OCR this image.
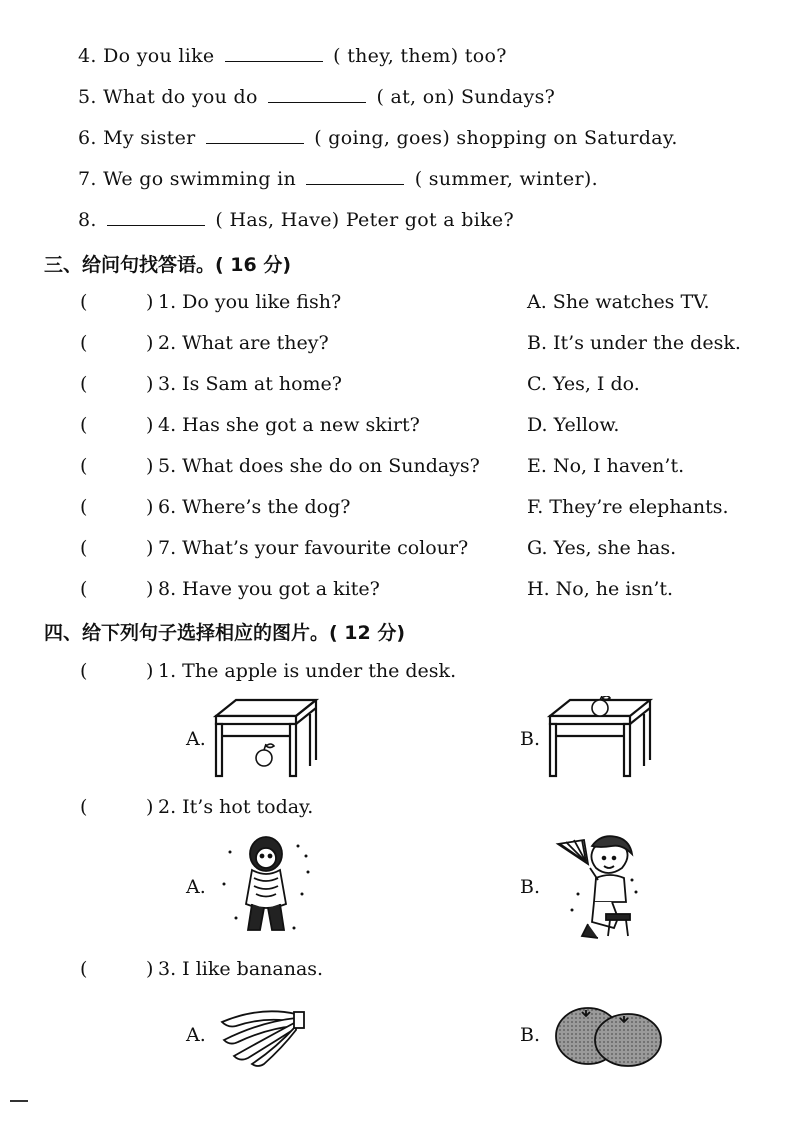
4. Do you like	( they, them) too?
5. What do you do	( at, on) Sundays?
6. My sister	( going, goes) shopping on Saturday.
7. We go swimming in	( summer, winter).
8.	( Has, Have) Peter got a bike?
三、给问句找答语。( 16 分)
(	) 1. Do you like fish?	A. She watches TV.
(	) 2. What are they?	B. It’s under the desk.
(	) 3. Is Sam at home?	C. Yes, I do.
(	) 4. Has she got a new skirt?	D. Yellow.
(	) 5. What does she do on Sundays? E. No, I haven’t.
(	) 6. Where’s the dog?	F. They’re elephants.
(	) 7. What’s your favourite colour?	G. Yes, she has.
(	) 8. Have you got a kite?	H. No, he isn’t.
四、给下列句子选择相应的图片。( 12 分)
(	) 1. The apple is under the desk.
A.	B.
(	) 2. It’s hot today.
A.	B.
(	) 3. I like bananas.
A.	B.
